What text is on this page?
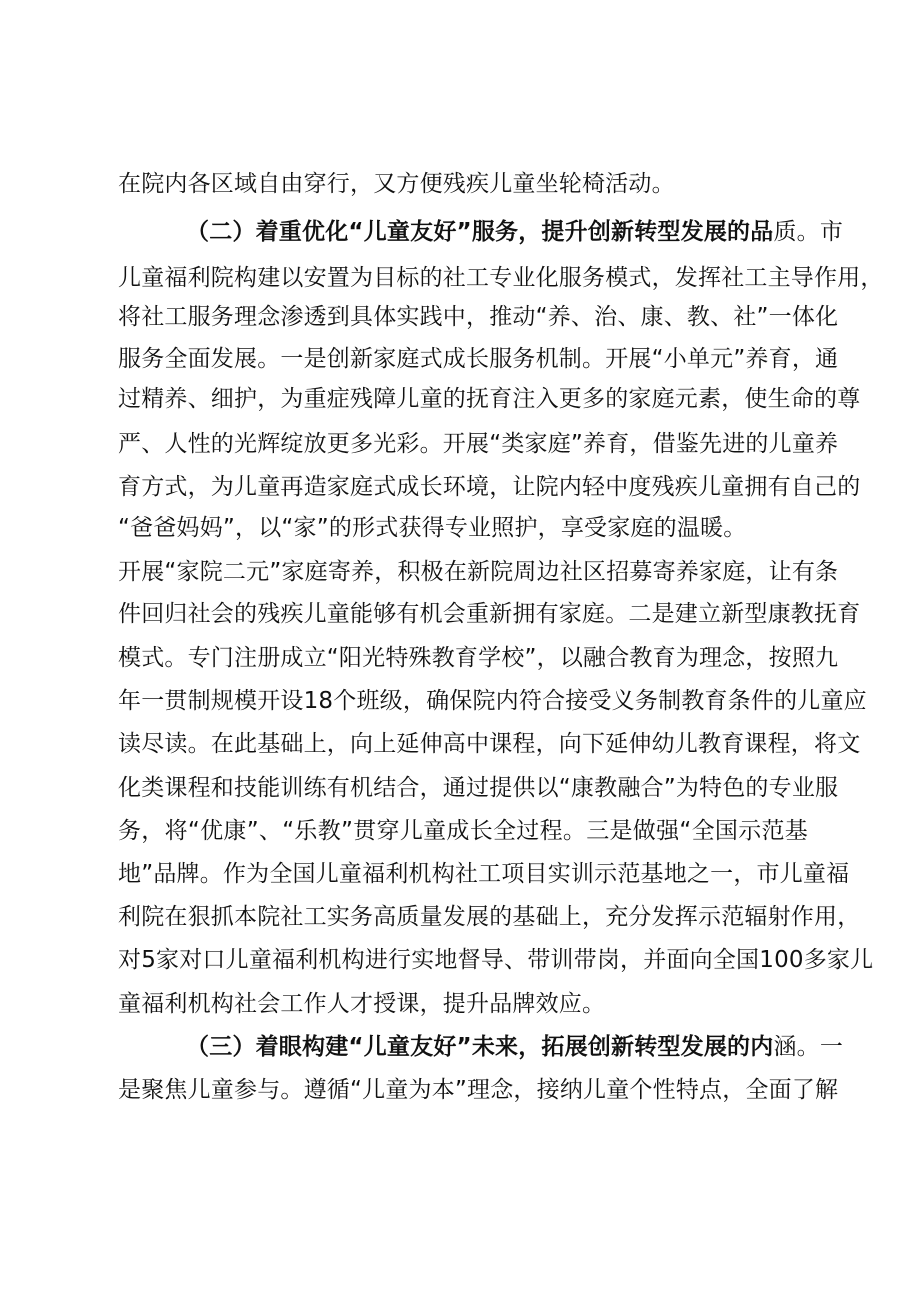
在院内各区域自由穿行，又方便残疾儿童坐轮椅活动。
（二）着重优化“儿童友好”服务，提升创新转型发展的品质。市
儿童福利院构建以安置为目标的社工专业化服务模式，发挥社工主导作用，
将社工服务理念渗透到具体实践中，推动“养、治、康、教、社”一体化
服务全面发展。一是创新家庭式成长服务机制。开展“小单元”养育，通
过精养、细护，为重症残障儿童的抚育注入更多的家庭元素，使生命的尊
严、人性的光辉绽放更多光彩。开展“类家庭”养育，借鉴先进的儿童养
育方式，为儿童再造家庭式成长环境，让院内轻中度残疾儿童拥有自己的
“爸爸妈妈”，以“家”的形式获得专业照护，享受家庭的温暖。
开展“家院二元”家庭寄养，积极在新院周边社区招募寄养家庭，让有条
件回归社会的残疾儿童能够有机会重新拥有家庭。二是建立新型康教抚育
模式。专门注册成立“阳光特殊教育学校”，以融合教育为理念，按照九
年一贯制规模开设18个班级，确保院内符合接受义务制教育条件的儿童应
读尽读。在此基础上，向上延伸高中课程，向下延伸幼儿教育课程，将文
化类课程和技能训练有机结合，通过提供以“康教融合”为特色的专业服
务，将“优康”、“乐教”贯穿儿童成长全过程。三是做强“全国示范基
地”品牌。作为全国儿童福利机构社工项目实训示范基地之一，市儿童福
利院在狠抓本院社工实务高质量发展的基础上，充分发挥示范辐射作用，
对5家对口儿童福利机构进行实地督导、带训带岗，并面向全国100多家儿
童福利机构社会工作人才授课，提升品牌效应。
（三）着眼构建“儿童友好”未来，拓展创新转型发展的内涵。一
是聚焦儿童参与。遵循“儿童为本”理念，接纳儿童个性特点，全面了解
